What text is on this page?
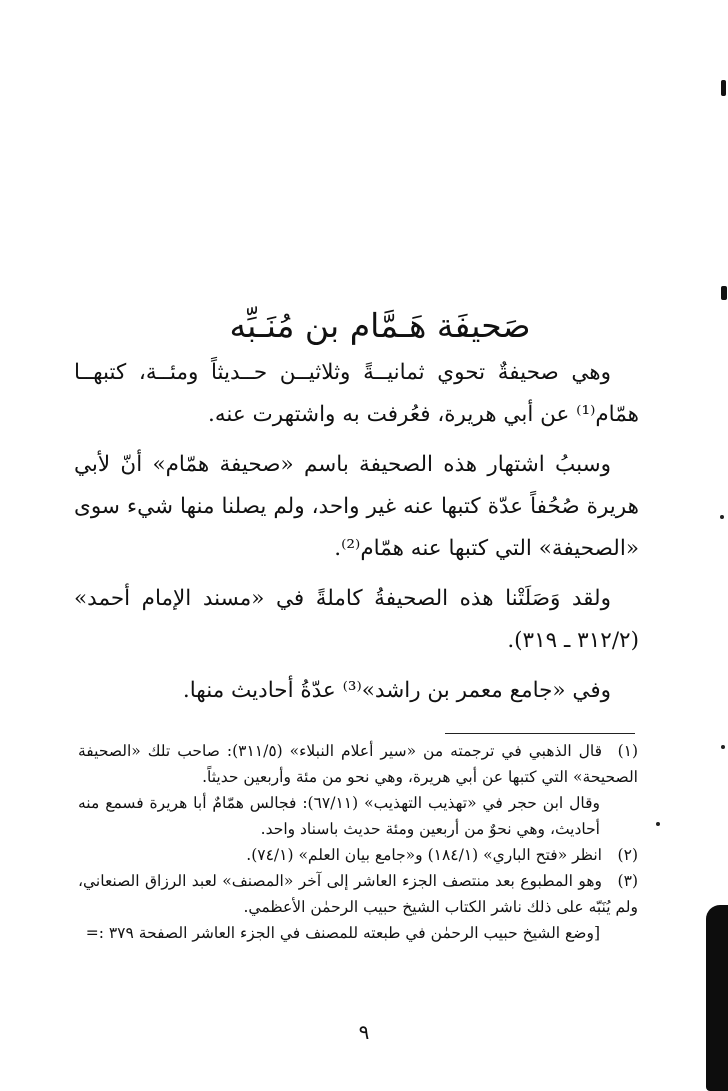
صَحيفَة هَـمَّام بن مُنَـبِّه

وهي صحيفةٌ تحوي ثمانيــةً وثلاثيــن حــديثاً ومئــة، كتبهــا همّام⁽¹⁾ عن أبي هريرة، فعُرفت به واشتهرت عنه.

وسببُ اشتهار هذه الصحيفة باسم «صحيفة همّام» أنّ لأبي هريرة صُحُفاً عدّة كتبها عنه غير واحد، ولم يصلنا منها شيء سوى «الصحيفة» التي كتبها عنه همّام⁽²⁾.

ولقد وَصَلَتْنا هذه الصحيفةُ كاملةً في «مسند الإمام أحمد» (٣١٢/٢ ـ ٣١٩).

وفي «جامع معمر بن راشد»⁽³⁾ عدّةُ أحاديث منها.

(١)قال الذهبي في ترجمته من «سير أعلام النبلاء» (٣١١/٥): صاحب تلك «الصحيفة الصحيحة» التي كتبها عن أبي هريرة، وهي نحو من مئة وأربعين حديثاً.
وقال ابن حجر في «تهذيب التهذيب» (٦٧/١١): فجالس همّامٌ أبا هريرة فسمع منه أحاديث، وهي نحوٌ من أربعين ومئة حديث باسناد واحد.
(٢)انظر «فتح الباري» (١٨٤/١) و«جامع بيان العلم» (٧٤/١).
(٣)وهو المطبوع بعد منتصف الجزء العاشر إلى آخر «المصنف» لعبد الرزاق الصنعاني، ولم يُنَبّه على ذلك ناشر الكتاب الشيخ حبيب الرحمٰن الأعظمي.
[وضع الشيخ حبيب الرحمٰن في طبعته للمصنف في الجزء العاشر الصفحة ٣٧٩ :=
٩
